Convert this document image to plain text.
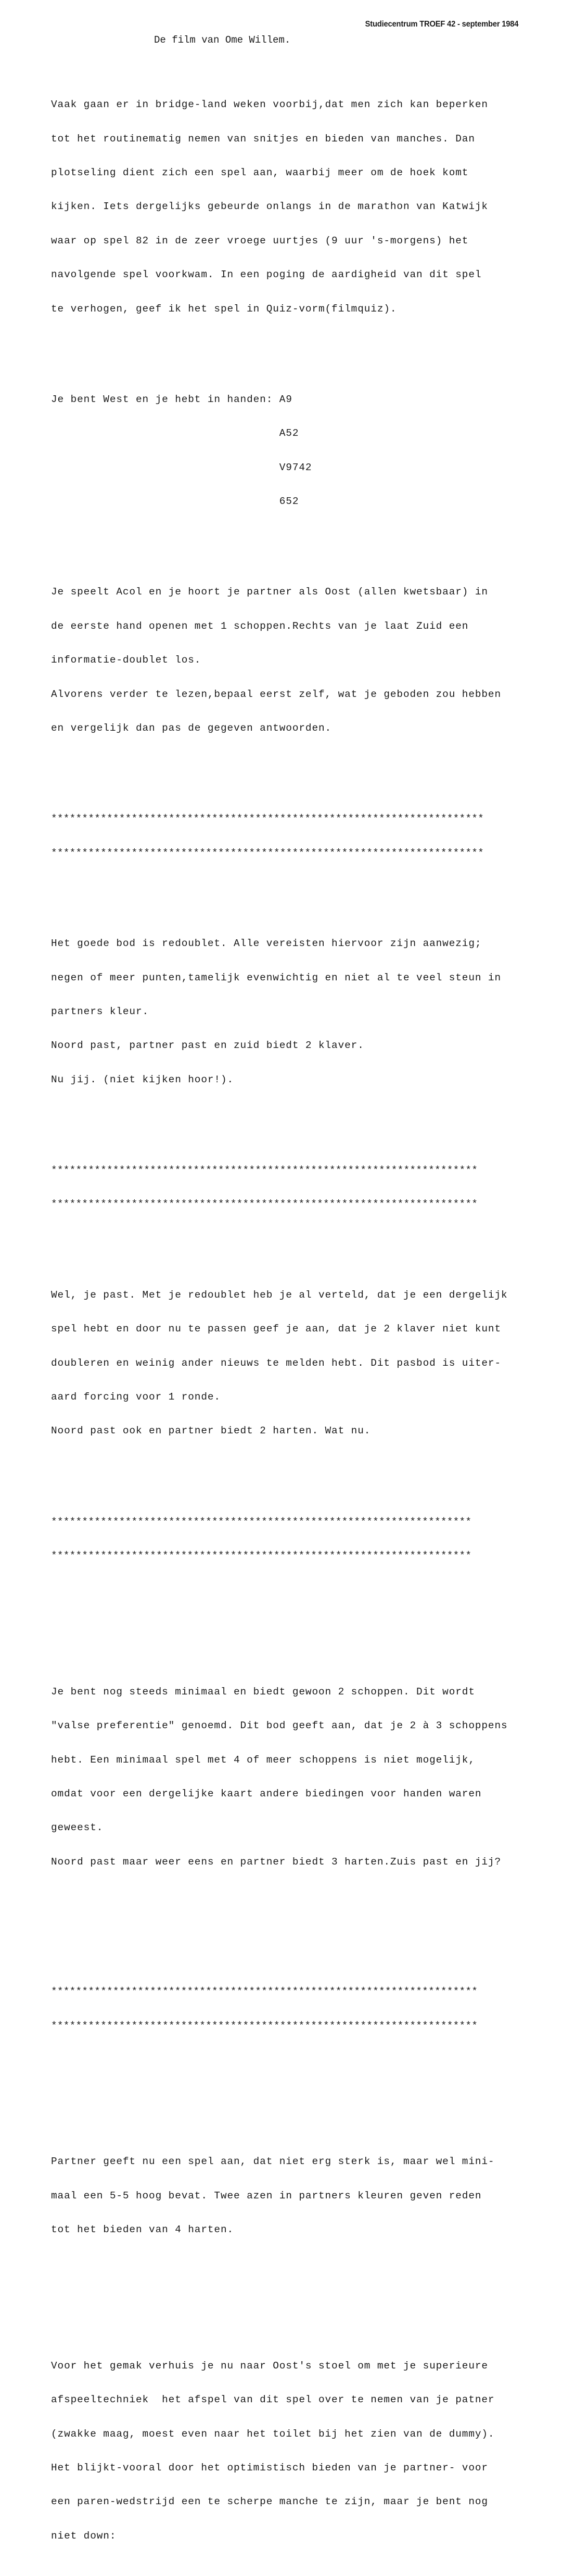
Studiecentrum TROEF 42 - september 1984
De film van Ome Willem.

Vaak gaan er in bridge-land weken voorbij,dat men zich kan beperken

tot het routinematig nemen van snitjes en bieden van manches. Dan

plotseling dient zich een spel aan, waarbij meer om de hoek komt

kijken. Iets dergelijks gebeurde onlangs in de marathon van Katwijk

waar op spel 82 in de zeer vroege uurtjes (9 uur 's-morgens) het

navolgende spel voorkwam. In een poging de aardigheid van dit spel

te verhogen, geef ik het spel in Quiz-vorm(filmquiz).

Je bent West en je hebt in handen: A9

A52

V9742

652

Je speelt Acol en je hoort je partner als Oost (allen kwetsbaar) in

de eerste hand openen met 1 schoppen.Rechts van je laat Zuid een

informatie-doublet los.

Alvorens verder te lezen,bepaal eerst zelf, wat je geboden zou hebben

en vergelijk dan pas de gegeven antwoorden.

**********************************************************************

**********************************************************************

Het goede bod is redoublet. Alle vereisten hiervoor zijn aanwezig;

negen of meer punten,tamelijk evenwichtig en niet al te veel steun in

partners kleur.

Noord past, partner past en zuid biedt 2 klaver.

Nu jij. (niet kijken hoor!).

*********************************************************************

*********************************************************************

Wel, je past. Met je redoublet heb je al verteld, dat je een dergelijk

spel hebt en door nu te passen geef je aan, dat je 2 klaver niet kunt

doubleren en weinig ander nieuws te melden hebt. Dit pasbod is uiter-

aard forcing voor 1 ronde.

Noord past ook en partner biedt 2 harten. Wat nu.

********************************************************************

********************************************************************

Je bent nog steeds minimaal en biedt gewoon 2 schoppen. Dit wordt

"valse preferentie" genoemd. Dit bod geeft aan, dat je 2 à 3 schoppens

hebt. Een minimaal spel met 4 of meer schoppens is niet mogelijk,

omdat voor een dergelijke kaart andere biedingen voor handen waren

geweest.

Noord past maar weer eens en partner biedt 3 harten.Zuis past en jij?

*********************************************************************

*********************************************************************

Partner geeft nu een spel aan, dat niet erg sterk is, maar wel mini-

maal een 5-5 hoog bevat. Twee azen in partners kleuren geven reden

tot het bieden van 4 harten.

Voor het gemak verhuis je nu naar Oost's stoel om met je superieure

afspeeltechniek  het afspel van dit spel over te nemen van je patner

(zwakke maag, moest even naar het toilet bij het zien van de dummy).

Het blijkt-vooral door het optimistisch bieden van je partner- voor

een paren-wedstrijd een te scherpe manche te zijn, maar je bent nog

niet down:
